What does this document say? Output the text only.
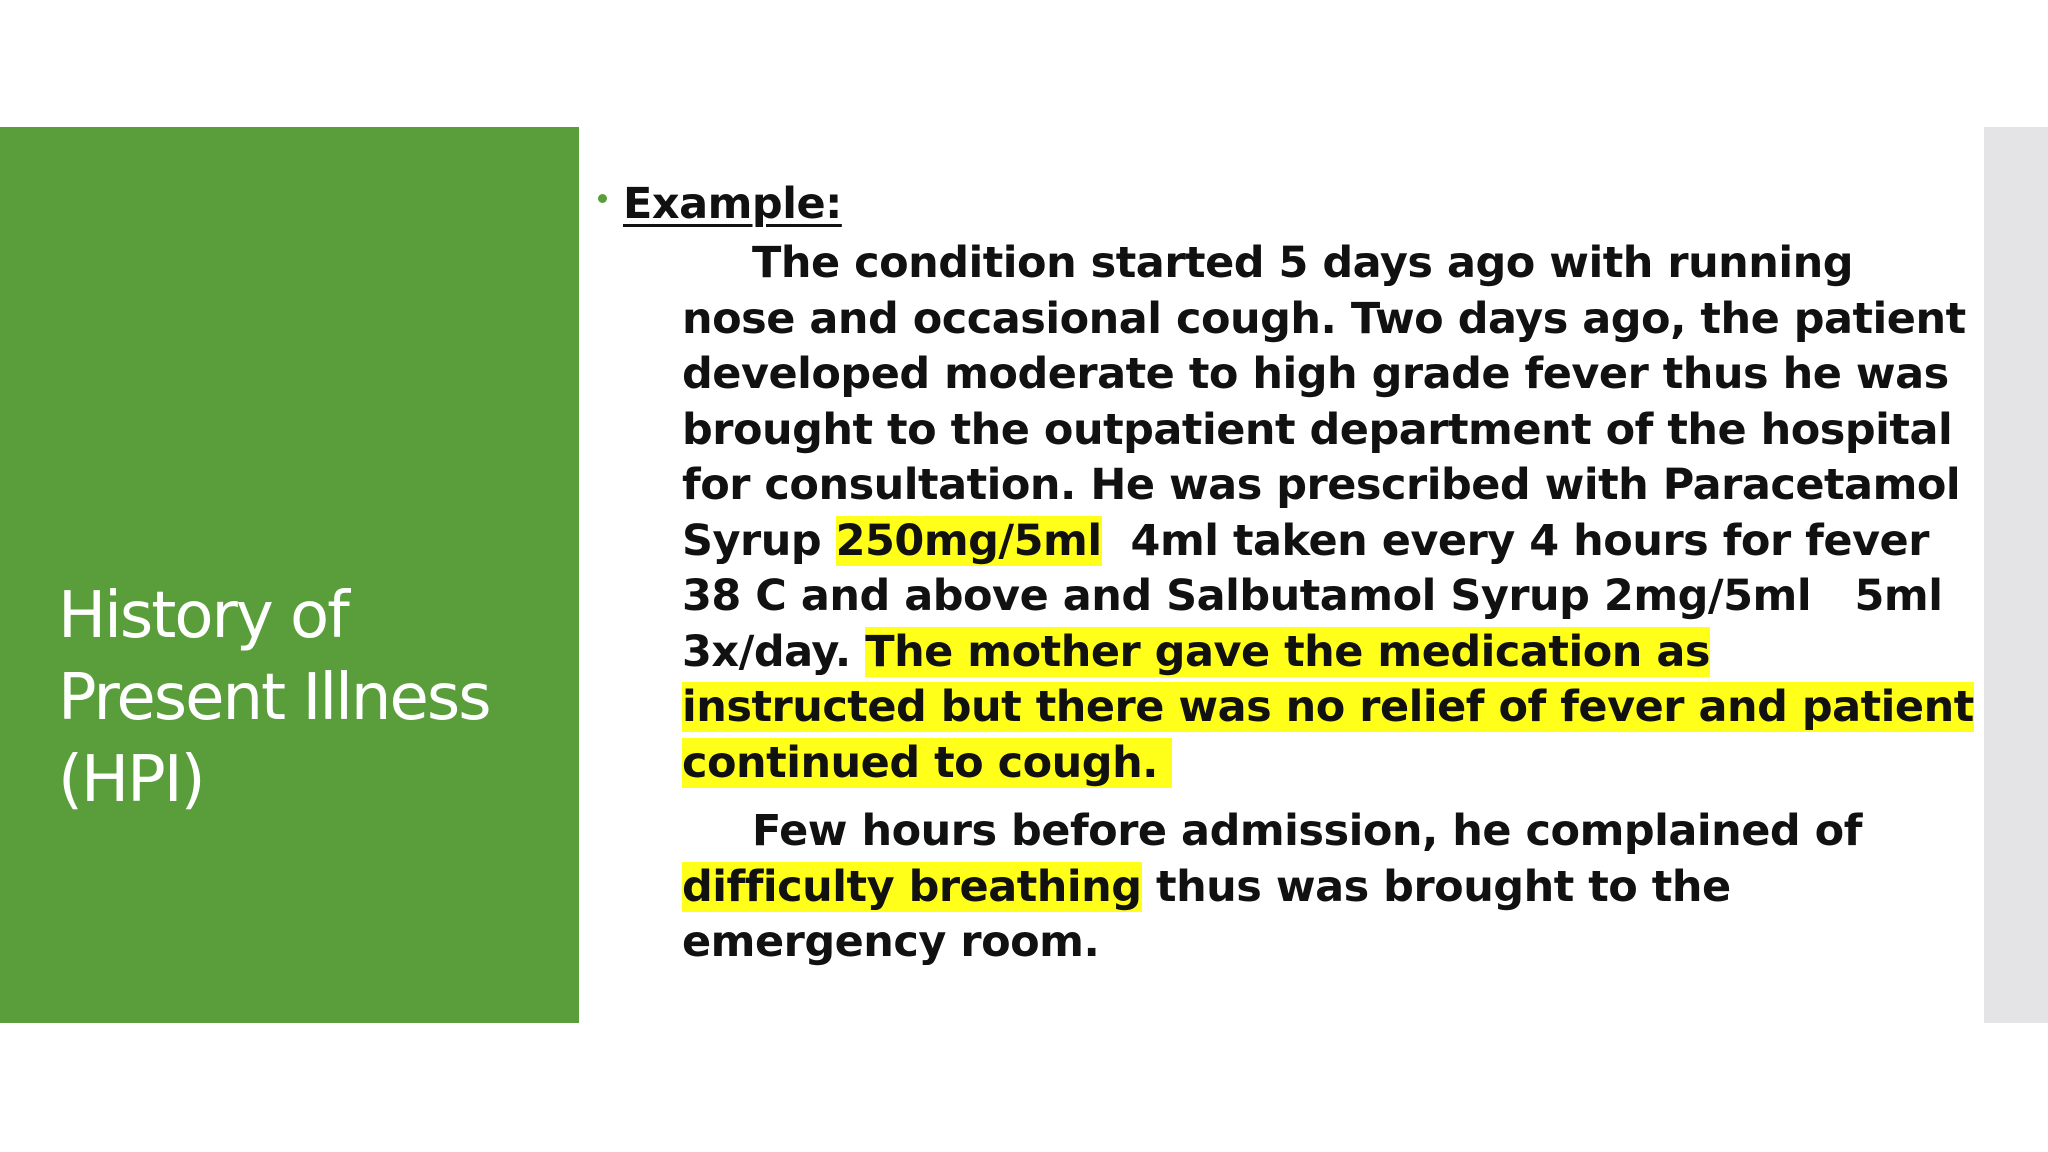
History of
Present Illness
(HPI)
Example:
The condition started 5 days ago with running
nose and occasional cough. Two days ago, the patient
developed moderate to high grade fever thus he was
brought to the outpatient department of the hospital
for consultation. He was prescribed with Paracetamol
Syrup 250mg/5ml  4ml taken every 4 hours for fever
38 C and above and Salbutamol Syrup 2mg/5ml   5ml
3x/day. The mother gave the medication as
instructed but there was no relief of fever and patient
continued to cough.
Few hours before admission, he complained of
difficulty breathing thus was brought to the
emergency room.
